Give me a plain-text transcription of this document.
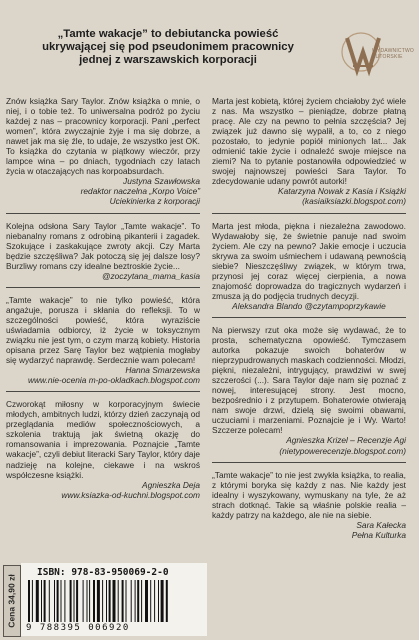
„Tamte wakacje” to debiutancka powieść
ukrywającej się pod pseudonimem pracownicy
jednej z warszawskich korporacji
WYDAWNICTWO
AUTORSKIE

Znów książka Sary Taylor. Znów książka o mnie, o niej, i o tobie też. To uniwersalna podróż po życiu każdej z nas – pracownicy korporacji. Pani „perfect women”, która zwyczajnie żyje i ma się dobrze, a nawet jak ma się źle, to udaje, że wszystko jest OK. To książka do czytania w piątkowy wieczór, przy lampce wina – po dniach, tygodniach czy latach życia w otaczających nas korpoabsurdach.

Justyna Szawłowska
redaktor naczelna „Korpo Voice”
Uciekinierka z korporacji

Kolejna odsłona Sary Taylor „Tamte wakacje”. To niebanalny romans z odrobiną pikanterii i zagadek. Szokujące i zaskakujące zwroty akcji. Czy Marta będzie szczęśliwa? Jak potoczą się jej dalsze losy? Burzliwy romans czy idealne beztroskie życie...

@zoczytana_mama_kasia

„Tamte wakacje” to nie tylko powieść, która angażuje, porusza i skłania do refleksji. To w szczególności powieść, która wyraziście uświadamia odbiorcy, iż życie w toksycznym związku nie jest tym, o czym marzą kobiety. Historia opisana przez Sarę Taylor bez wątpienia mogłaby się wydarzyć naprawdę. Serdecznie wam polecam!

Hanna Smarzewska
www.nie-ocenia m-po-okladkach.blogspot.com

Czworokąt miłosny w korporacyjnym świecie młodych, ambitnych ludzi, którzy dzień zaczynają od przeglądania mediów społecznościowych, a szkolenia traktują jak świetną okazję do romansowania i imprezowania. Poznajcie „Tamte wakacje”, czyli debiut literacki Sary Taylor, który daje nadzieję na kolejne, ciekawe i na wskroś współczesne książki.

Agnieszka Deja
www.ksiazka-od-kuchni.blogspot.com

Marta jest kobietą, której życiem chciałoby żyć wiele z nas. Ma wszystko – pieniądze, dobrze płatną pracę. Ale czy na pewno to pełnia szczęścia? Jej związek już dawno się wypalił, a to, co z niego pozostało, to jedynie popiół minionych lat... Jak odmienić takie życie i odnaleźć swoje miejsce na ziemi? Na to pytanie postanowiła odpowiedzieć w swojej najnowszej powieści Sara Taylor. To zdecydowanie udany powrót autorki!

Katarzyna Nowak z Kasia i Książki
(kasiaiksiazki.blogspot.com)

Marta jest młoda, piękna i niezależna zawodowo. Wydawałoby się, że świetnie panuje nad swoim życiem. Ale czy na pewno? Jakie emocje i uczucia skrywa za swoim uśmiechem i udawaną pewnością siebie? Nieszczęśliwy związek, w którym trwa, przynosi jej coraz więcej cierpienia, a nowa znajomość doprowadza do tragicznych wydarzeń i zmusza ją do podjęcia trudnych decyzji.

Aleksandra Blando @czytampoprzykawie

Na pierwszy rzut oka może się wydawać, że to prosta, schematyczna opowieść. Tymczasem autorka pokazuje swoich bohaterów w nieprzypudrowanych maskach codzienności. Młodzi, piękni, niezależni, intrygujący, prawdziwi w swej szczerości (...). Sara Taylor daje nam się poznać z nowej, interesującej strony. Jest mocno, bezpośrednio i z przytupem. Bohaterowie otwierają nam swoje drzwi, dzielą się swoimi obawami, uczuciami i marzeniami. Poznajcie je i Wy. Warto! Szczerze polecam!

Agnieszka Krizel – Recenzje Agi
(nietypowerecenzje.blogspot.com)

„Tamte wakacje” to nie jest zwykła książka, to realia, z którymi boryka się każdy z nas. Nie każdy jest idealny i wyszykowany, wymuskany na tyle, że aż strach dotknąć. Takie są właśnie polskie realia – każdy patrzy na każdego, ale nie na siebie.

Sara Kałecka
Pełna Kulturka
Cena 34,90 zł
ISBN: 978-83-950069-2-0
9 788395 006920
